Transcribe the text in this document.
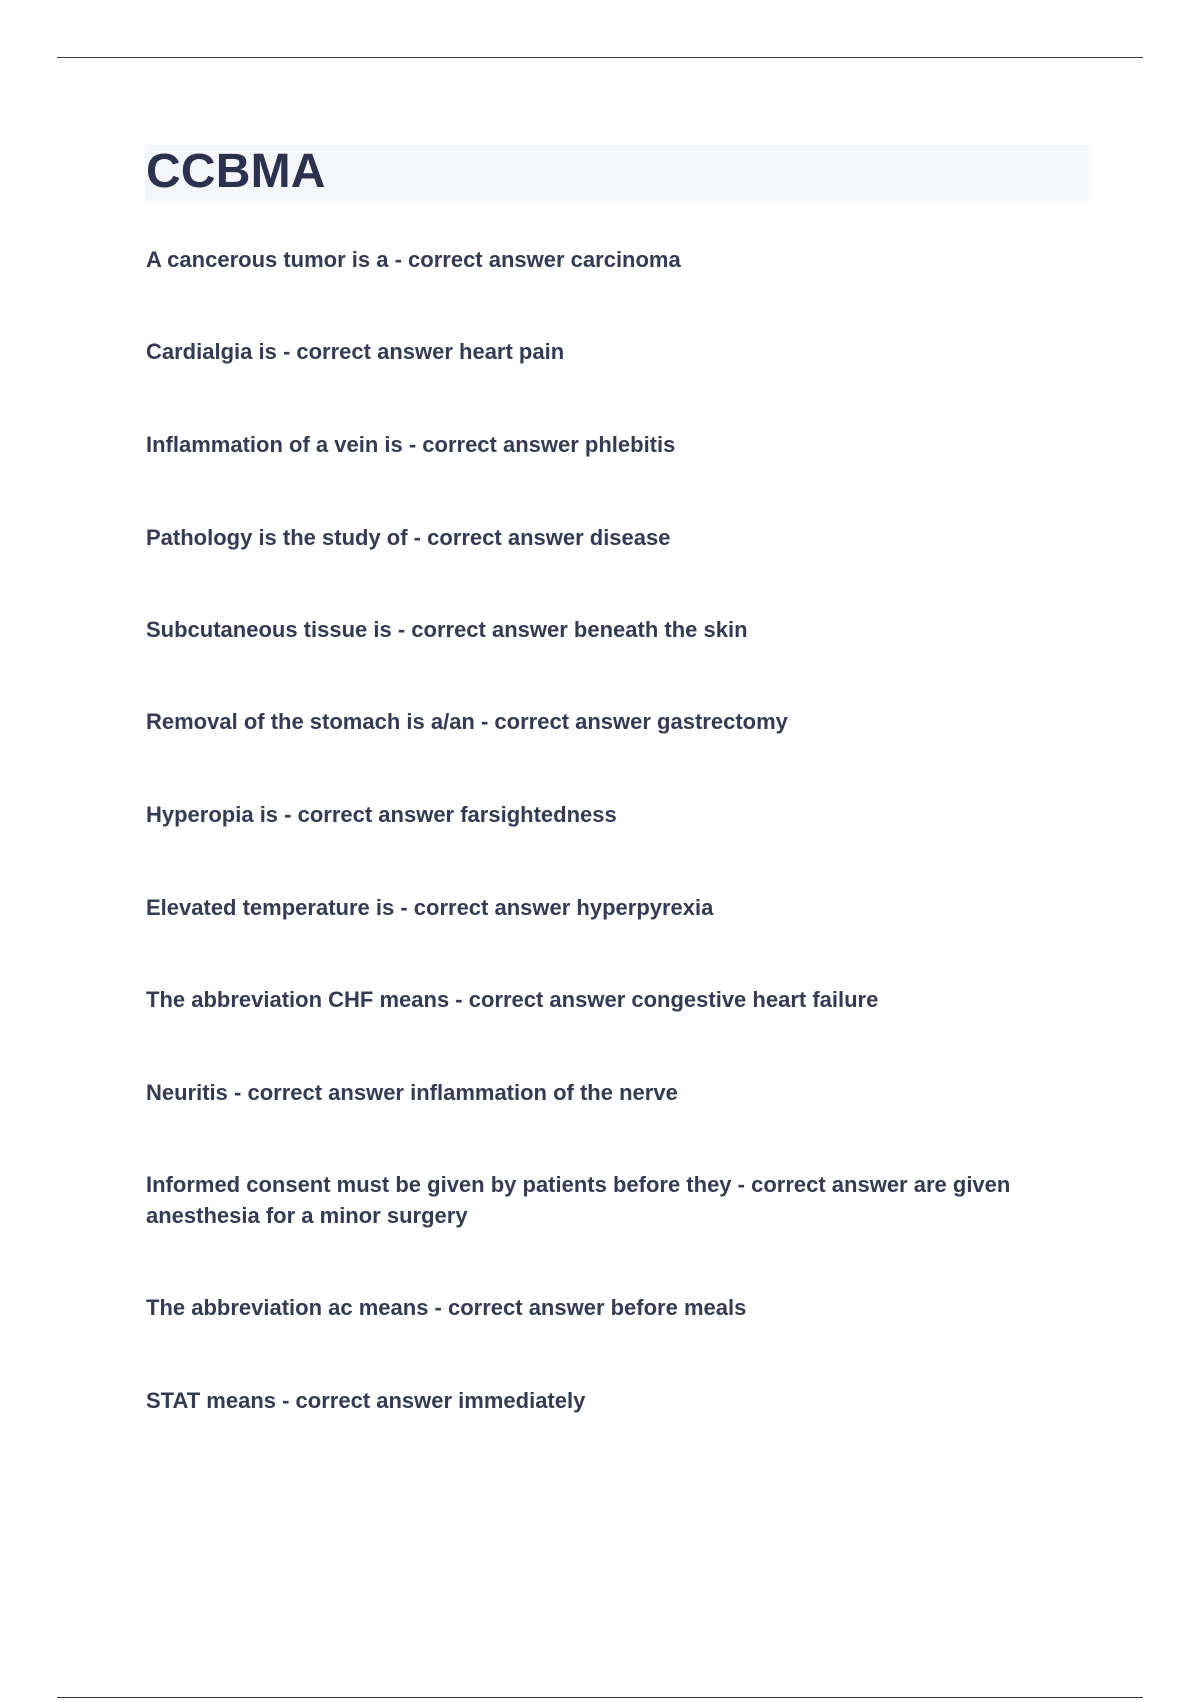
CCBMA
A cancerous tumor is a - correct answer carcinoma
Cardialgia is - correct answer heart pain
Inflammation of a vein is - correct answer phlebitis
Pathology is the study of - correct answer disease
Subcutaneous tissue is - correct answer beneath the skin
Removal of the stomach is a/an - correct answer gastrectomy
Hyperopia is - correct answer farsightedness
Elevated temperature is - correct answer hyperpyrexia
The abbreviation CHF means - correct answer congestive heart failure
Neuritis - correct answer inflammation of the nerve
Informed consent must be given by patients before they - correct answer are given anesthesia for a minor surgery
The abbreviation ac means - correct answer before meals
STAT means - correct answer immediately
